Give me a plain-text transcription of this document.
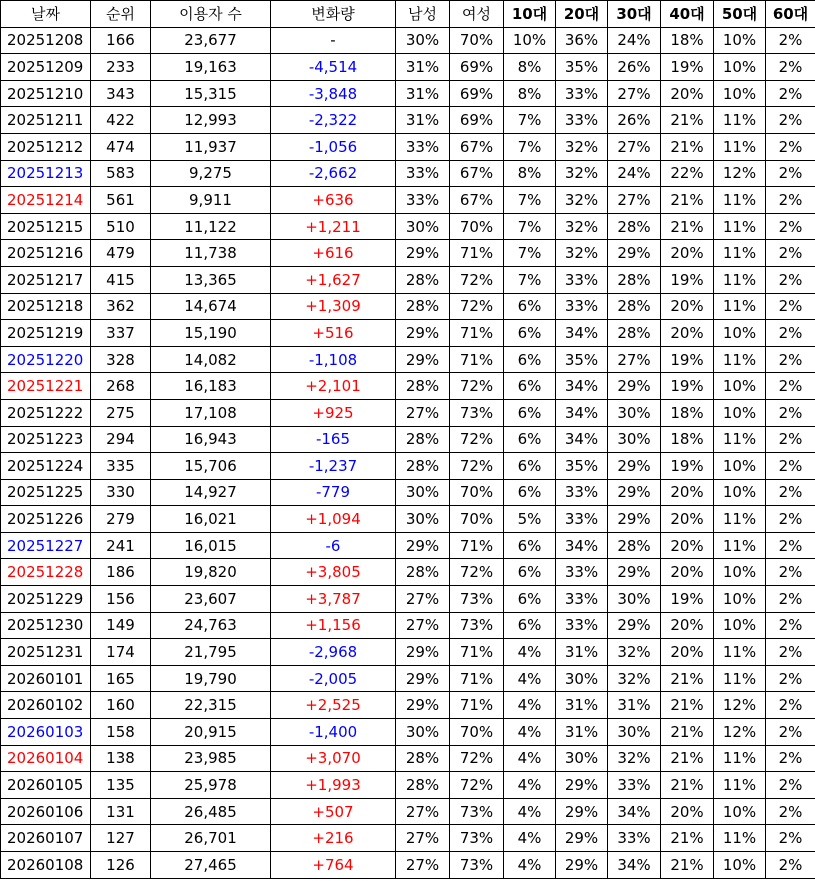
날짜	순위	이용자 수	변화량	남성	여성	10대	20대	30대	40대	50대	60대
20251208	166	23,677	-	30%	70%	10%	36%	24%	18%	10%	2%
20251209	233	19,163	-4,514	31%	69%	8%	35%	26%	19%	10%	2%
20251210	343	15,315	-3,848	31%	69%	8%	33%	27%	20%	10%	2%
20251211	422	12,993	-2,322	31%	69%	7%	33%	26%	21%	11%	2%
20251212	474	11,937	-1,056	33%	67%	7%	32%	27%	21%	11%	2%
20251213	583	9,275	-2,662	33%	67%	8%	32%	24%	22%	12%	2%
20251214	561	9,911	+636	33%	67%	7%	32%	27%	21%	11%	2%
20251215	510	11,122	+1,211	30%	70%	7%	32%	28%	21%	11%	2%
20251216	479	11,738	+616	29%	71%	7%	32%	29%	20%	11%	2%
20251217	415	13,365	+1,627	28%	72%	7%	33%	28%	19%	11%	2%
20251218	362	14,674	+1,309	28%	72%	6%	33%	28%	20%	11%	2%
20251219	337	15,190	+516	29%	71%	6%	34%	28%	20%	10%	2%
20251220	328	14,082	-1,108	29%	71%	6%	35%	27%	19%	11%	2%
20251221	268	16,183	+2,101	28%	72%	6%	34%	29%	19%	10%	2%
20251222	275	17,108	+925	27%	73%	6%	34%	30%	18%	10%	2%
20251223	294	16,943	-165	28%	72%	6%	34%	30%	18%	11%	2%
20251224	335	15,706	-1,237	28%	72%	6%	35%	29%	19%	10%	2%
20251225	330	14,927	-779	30%	70%	6%	33%	29%	20%	10%	2%
20251226	279	16,021	+1,094	30%	70%	5%	33%	29%	20%	11%	2%
20251227	241	16,015	-6	29%	71%	6%	34%	28%	20%	11%	2%
20251228	186	19,820	+3,805	28%	72%	6%	33%	29%	20%	10%	2%
20251229	156	23,607	+3,787	27%	73%	6%	33%	30%	19%	10%	2%
20251230	149	24,763	+1,156	27%	73%	6%	33%	29%	20%	10%	2%
20251231	174	21,795	-2,968	29%	71%	4%	31%	32%	20%	11%	2%
20260101	165	19,790	-2,005	29%	71%	4%	30%	32%	21%	11%	2%
20260102	160	22,315	+2,525	29%	71%	4%	31%	31%	21%	12%	2%
20260103	158	20,915	-1,400	30%	70%	4%	31%	30%	21%	12%	2%
20260104	138	23,985	+3,070	28%	72%	4%	30%	32%	21%	11%	2%
20260105	135	25,978	+1,993	28%	72%	4%	29%	33%	21%	11%	2%
20260106	131	26,485	+507	27%	73%	4%	29%	34%	20%	10%	2%
20260107	127	26,701	+216	27%	73%	4%	29%	33%	21%	11%	2%
20260108	126	27,465	+764	27%	73%	4%	29%	34%	21%	10%	2%
